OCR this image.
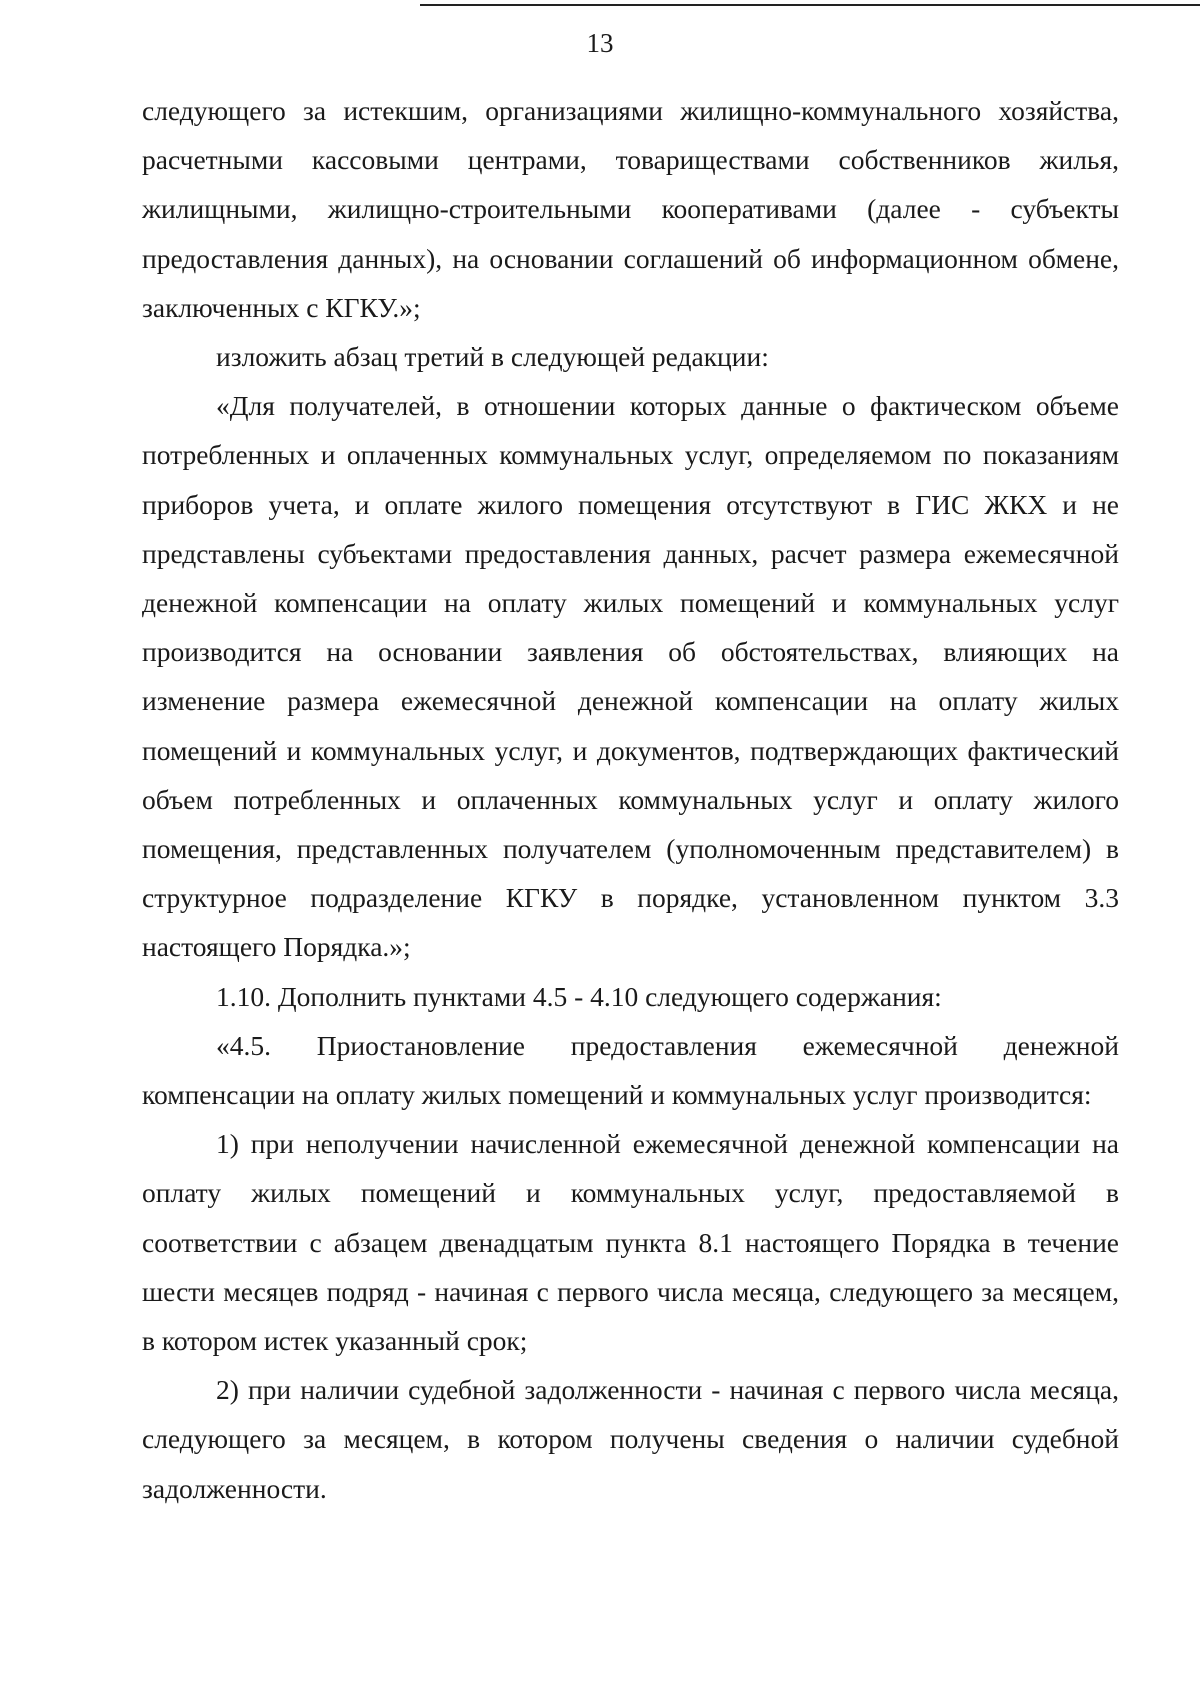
13

следующего за истекшим, организациями жилищно-коммунального хозяйства, расчетными кассовыми центрами, товариществами собственников жилья, жилищными, жилищно-строительными кооперативами (далее - субъекты предоставления данных), на основании соглашений об информационном обмене, заключенных с КГКУ.»;

изложить абзац третий в следующей редакции:

«Для получателей, в отношении которых данные о фактическом объеме потребленных и оплаченных коммунальных услуг, определяемом по показаниям приборов учета, и оплате жилого помещения отсутствуют в ГИС ЖКХ и не представлены субъектами предоставления данных, расчет размера ежемесячной денежной компенсации на оплату жилых помещений и коммунальных услуг производится на основании заявления об обстоятельствах, влияющих на изменение размера ежемесячной денежной компенсации на оплату жилых помещений и коммунальных услуг, и документов, подтверждающих фактический объем потребленных и оплаченных коммунальных услуг и оплату жилого помещения, представленных получателем (уполномоченным представителем) в структурное подразделение КГКУ в порядке, установленном пунктом 3.3 настоящего Порядка.»;

1.10. Дополнить пунктами 4.5 - 4.10 следующего содержания:

«4.5. Приостановление предоставления ежемесячной денежной компенсации на оплату жилых помещений и коммунальных услуг производится:

1) при неполучении начисленной ежемесячной денежной компенсации на оплату жилых помещений и коммунальных услуг, предоставляемой в соответствии с абзацем двенадцатым пункта 8.1 настоящего Порядка в течение шести месяцев подряд - начиная с первого числа месяца, следующего за месяцем, в котором истек указанный срок;

2) при наличии судебной задолженности - начиная с первого числа месяца, следующего за месяцем, в котором получены сведения о наличии судебной задолженности.
